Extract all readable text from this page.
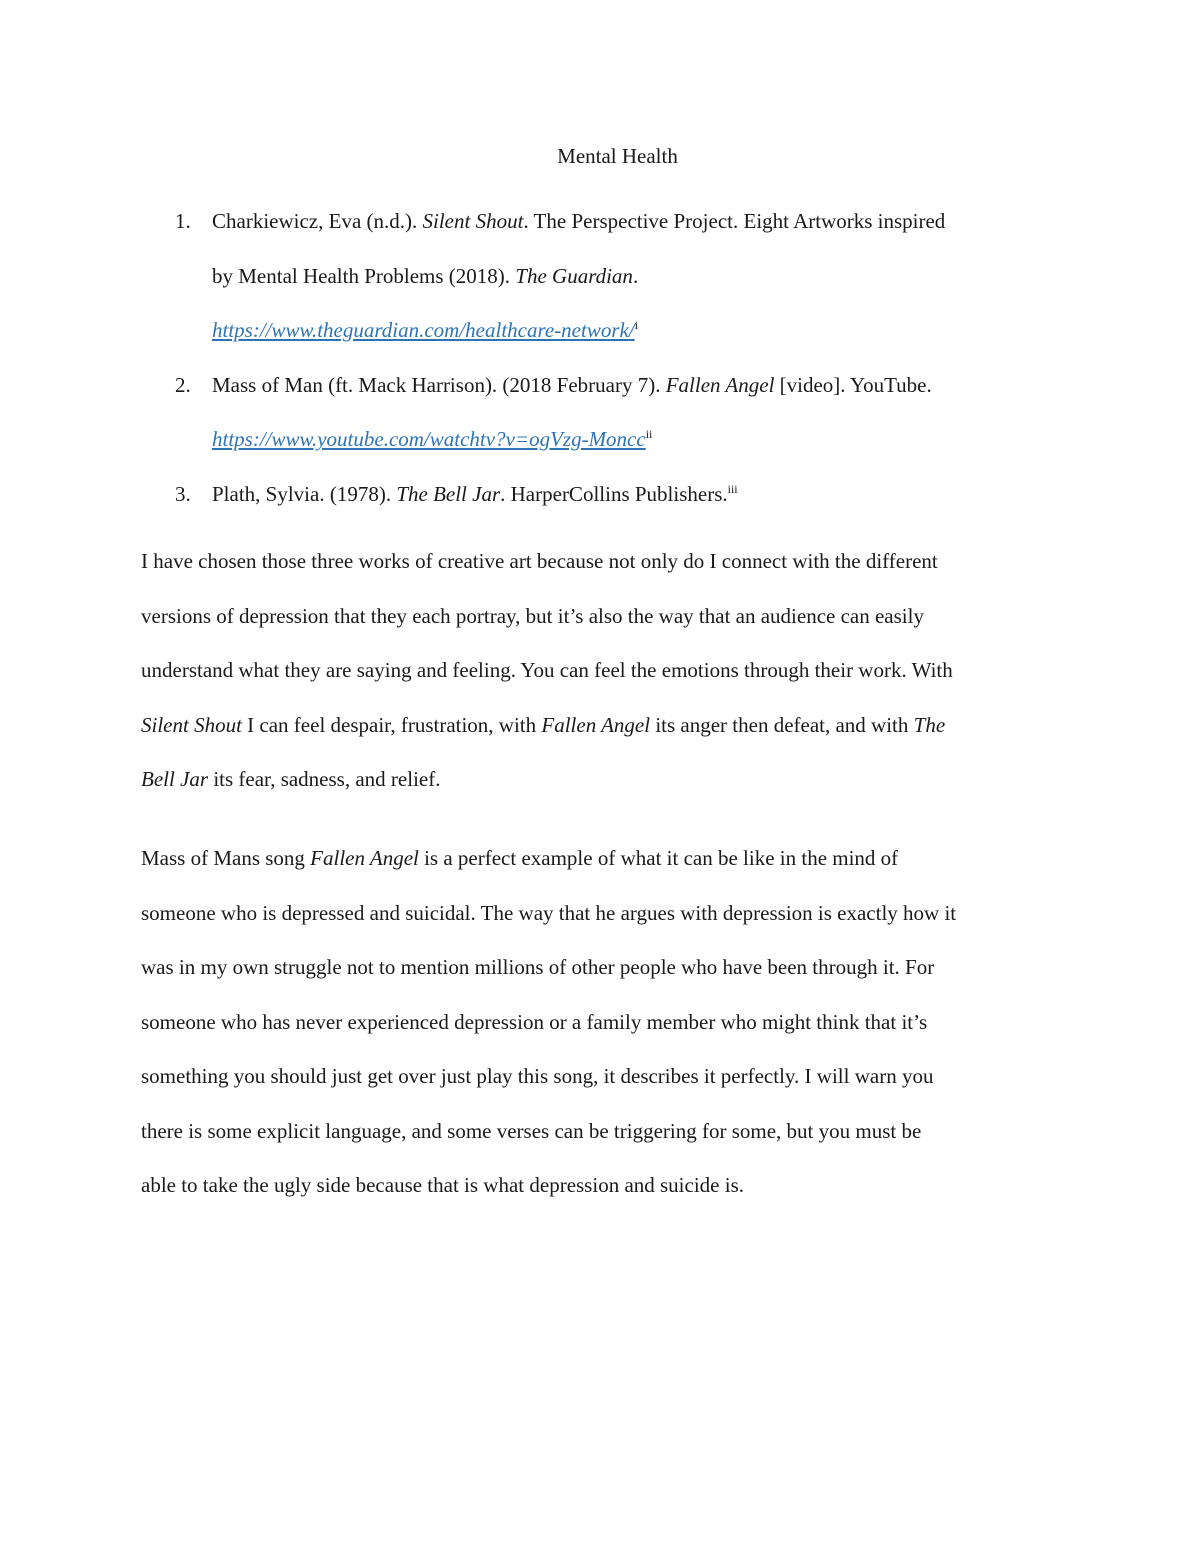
Mental Health
1. Charkiewicz, Eva (n.d.). Silent Shout. The Perspective Project. Eight Artworks inspired
by Mental Health Problems (2018). The Guardian.
https://www.theguardian.com/healthcare-network/$^i$
2. Mass of Man (ft. Mack Harrison). (2018 February 7). Fallen Angel [video]. YouTube.
https://www.youtube.com/watchtv?v=ogVzg-Moncc$^{ii}$
3. Plath, Sylvia. (1978). The Bell Jar. HarperCollins Publishers.$^{iii}$

I have chosen those three works of creative art because not only do I connect with the different
versions of depression that they each portray, but it’s also the way that an audience can easily
understand what they are saying and feeling. You can feel the emotions through their work. With
Silent Shout I can feel despair, frustration, with Fallen Angel its anger then defeat, and with The
Bell Jar its fear, sadness, and relief.

Mass of Mans song Fallen Angel is a perfect example of what it can be like in the mind of
someone who is depressed and suicidal. The way that he argues with depression is exactly how it
was in my own struggle not to mention millions of other people who have been through it. For
someone who has never experienced depression or a family member who might think that it’s
something you should just get over just play this song, it describes it perfectly. I will warn you
there is some explicit language, and some verses can be triggering for some, but you must be
able to take the ugly side because that is what depression and suicide is.
